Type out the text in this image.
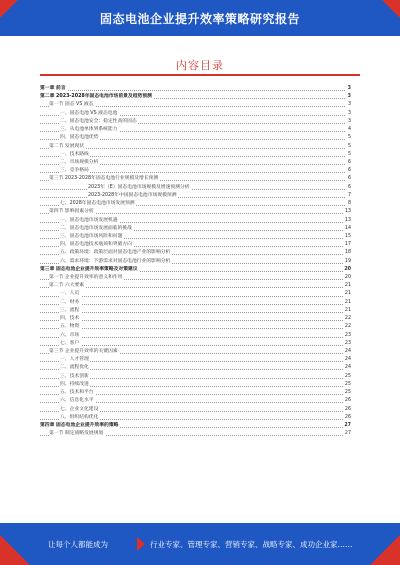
固态电池企业提升效率策略研究报告
内容目录
第一章 前言	3
第二章 2023-2028年固态电池市场前景及趋势预测	3
第一节 固态 VS 液态	3
一、固态电池 VS 液态电池	3
二、固态电池安全：稳定性高的固态	3
三、从电池单体到系统能力	4
四、固态电池优势	5
第二节 发展现状	5
一、技术路线	5
二、市场规模分析	6
三、竞争格局	6
第三节 2023-2028年固态电池行业规模及增长预测	6
2023年（E）固态电池市场规模及增速预测分析	6
2023-2028年中国固态电池市场规模预测	7
七、2028年固态电池市场发展预测	8
第四节 影响因素分析	13
一、固态电池市场发展机遇	13
二、固态电池市场发展面临的挑战	14
三、固态电池市场风险和问题	15
四、固态电池技术瓶颈和突破方向	17
五、政策环境：政策层面对固态电池产业的影响分析	18
六、需求环境：下游需求对固态电池行业的影响分析	19
第三章 固态电池企业提升效率策略及对策建议	20
第一节 企业提升效率的意义和作用	20
第二节 六大要素	21
一、人员	21
二、财务	21
三、流程	21
四、技术	22
五、物资	22
六、市场	23
七、客户	23
第三节 企业提升效率的关键因素	24
一、人才管理	24
二、流程优化	24
三、技术创新	25
四、持续改进	25
五、技术和平台	25
六、信息化水平	26
七、企业文化建设	26
八、组织结构优化	26
第四章 固态电池企业提升效率的策略	27
第一节 制定战略发展规划	27
让每个人都能成为	行业专家、管理专家、营销专家、战略专家、成功企业家……
